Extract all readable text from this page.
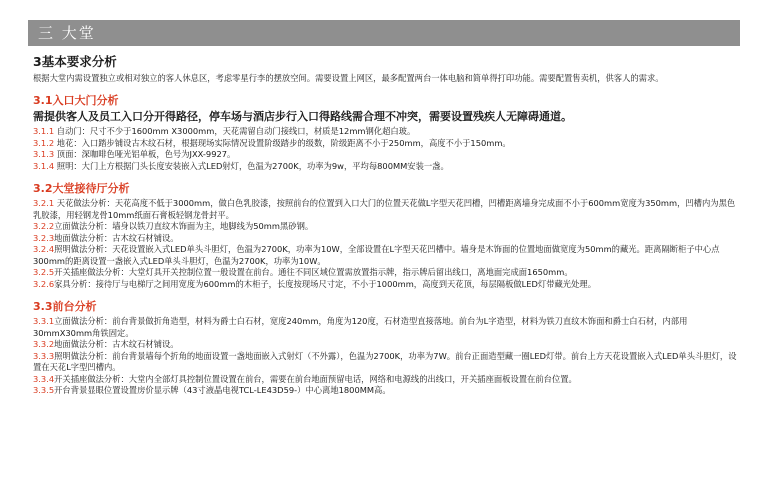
三 大堂
3基本要求分析

根据大堂内需设置独立或相对独立的客人休息区，考虑零星行李的摆放空间。需要设置上网区，最多配置两台一体电脑和简单得打印功能。需要配置售卖机，供客人的需求。

3.1入口大门分析
需提供客人及员工入口分开得路径，停车场与酒店步行入口得路线需合理不冲突，需要设置残疾人无障碍通道。

3.1.1 自动门：尺寸不少于1600mm X3000mm，天花需留自动门接线口，材质是12mm钢化超白玻。

3.1.2 地花：入口踏步铺设古木纹石材，根据现场实际情况设置阶级踏步的级数，阶级距离不小于250mm，高度不小于150mm。

3.1.3 顶面：深咖啡色哑光铝单板，色号为JXX-9927。

3.1.4 照明：大门上方根据门头长度安装嵌入式LED射灯，色温为2700K，功率为9w，平均每800MM安装一盏。

3.2大堂接待厅分析

3.2.1 天花做法分析：天花高度不低于3000mm，做白色乳胶漆，按照前台的位置到入口大门的位置天花做L字型天花凹槽，凹槽距离墙身完成面不小于600mm宽度为350mm，凹槽内为黑色乳胶漆，用轻钢龙骨10mm纸面石膏板轻钢龙骨封平。

3.2.2立面做法分析：墙身以铁刀直纹木饰面为主，地脚线为50mm黑砂钢。

3.2.3地面做法分析：古木纹石材铺设。

3.2.4照明做法分析：天花设置嵌入式LED单头斗胆灯，色温为2700K，功率为10W，全部设置在L字型天花凹槽中。墙身是木饰面的位置地面做宽度为50mm的藏光。距离隔断柜子中心点300mm的距离设置一盏嵌入式LED单头斗胆灯，色温为2700K，功率为10W。

3.2.5开关插座做法分析：大堂灯具开关控制位置一般设置在前台。通往不同区域位置需放置指示牌，指示牌后留出线口，离地面完成面1650mm。

3.2.6家具分析：接待厅与电梯厅之间用宽度为600mm的木柜子，长度按现场尺寸定，不小于1000mm，高度到天花顶，每层隔板做LED灯带藏光处理。

3.3前台分析

3.3.1立面做法分析：前台背景做折角造型，材料为爵士白石材，宽度240mm，角度为120度，石材造型直接落地。前台为L字造型，材料为铁刀直纹木饰面和爵士白石材，内部用30mmX30mm角铁固定。

3.3.2地面做法分析：古木纹石材铺设。

3.3.3照明做法分析：前台背景墙每个折角的地面设置一盏地面嵌入式射灯（不外露），色温为2700K，功率为7W。前台正面造型藏一圈LED灯带。前台上方天花设置嵌入式LED单头斗胆灯，设置在天花L字型凹槽内。

3.3.4开关插座做法分析：大堂内全部灯具控制位置设置在前台，需要在前台地面预留电话，网络和电源线的出线口，开关插座面板设置在前台位置。

3.3.5开台背景显眼位置设置房价显示牌（43寸液晶电视TCL-LE43D59-）中心离地1800MM高。
